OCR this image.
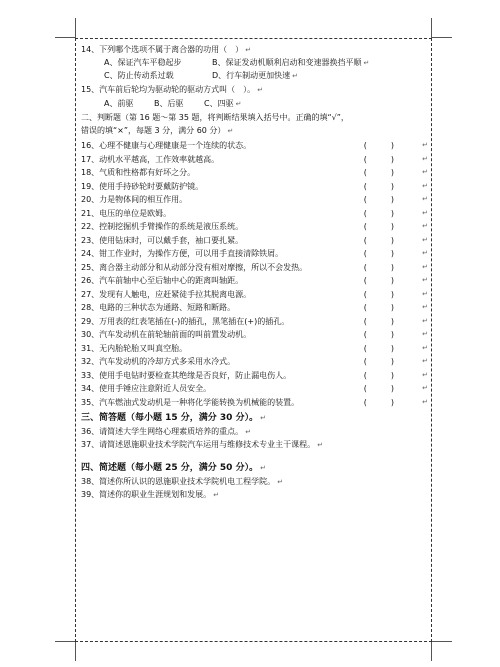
14、下列哪个选项不属于离合器的功用（　） ↵
A、保证汽车平稳起步	B、保证发动机顺利启动和变速器换挡平顺 ↵
C、防止传动系过载	D、行车制动更加快速 ↵
15、汽车前后轮均为驱动轮的驱动方式叫（　）。 ↵
A、前驱	B、后驱	C、四驱 ↵
二、判断题（第 16 题～第 35 题，将判断结果填入括号中。正确的填“√”，
错误的填“×”，每题 3 分，满分 60 分） ↵
16、心理不健康与心理健康是一个连续的状态。	(　　　)	↵
17、动机水平越高，工作效率就越高。	(　　　)	↵
18、气质和性格都有好坏之分。	(　　　)	↵
19、使用手持砂轮时要戴防护镜。	(　　　)	↵
20、力是物体间的相互作用。	(　　　)	↵
21、电压的单位是欧姆。	(　　　)	↵
22、控制挖掘机手臂操作的系统是液压系统。	(　　　)	↵
23、使用钻床时，可以戴手套，袖口要扎紧。	(　　　)	↵
24、钳工作业时，为操作方便，可以用手直接清除铁屑。	(　　　)	↵
25、离合器主动部分和从动部分没有相对摩擦，所以不会发热。	(　　　)	↵
26、汽车前轴中心至后轴中心的距离叫轴距。	(　　　)	↵
27、发现有人触电，应赶紧徒手拉其脱离电源。	(　　　)	↵
28、电路的三种状态为通路、短路和断路。	(　　　)	↵
29、万用表的红表笔插在(-)的插孔，黑笔插在(+)的插孔。	(　　　)	↵
30、汽车发动机在前轮轴前面的叫前置发动机。	(　　　)	↵
31、无内胎轮胎又叫真空胎。	(　　　)	↵
32、汽车发动机的冷却方式多采用水冷式。	(　　　)	↵
33、使用手电钻时要检查其绝缘是否良好，防止漏电伤人。	(　　　)	↵
34、使用手锤应注意附近人员安全。	(　　　)	↵
35、汽车燃油式发动机是一种将化学能转换为机械能的装置。	(　　　)	↵
三、简答题（每小题 15 分，满分 30 分）。 ↵
36、请简述大学生网络心理素质培养的重点。 ↵
37、请简述恩施职业技术学院汽车运用与维修技术专业主干课程。 ↵
四、简述题（每小题 25 分，满分 50 分）。 ↵
38、简述你所认识的恩施职业技术学院机电工程学院。 ↵
39、简述你的职业生涯规划和发展。 ↵
